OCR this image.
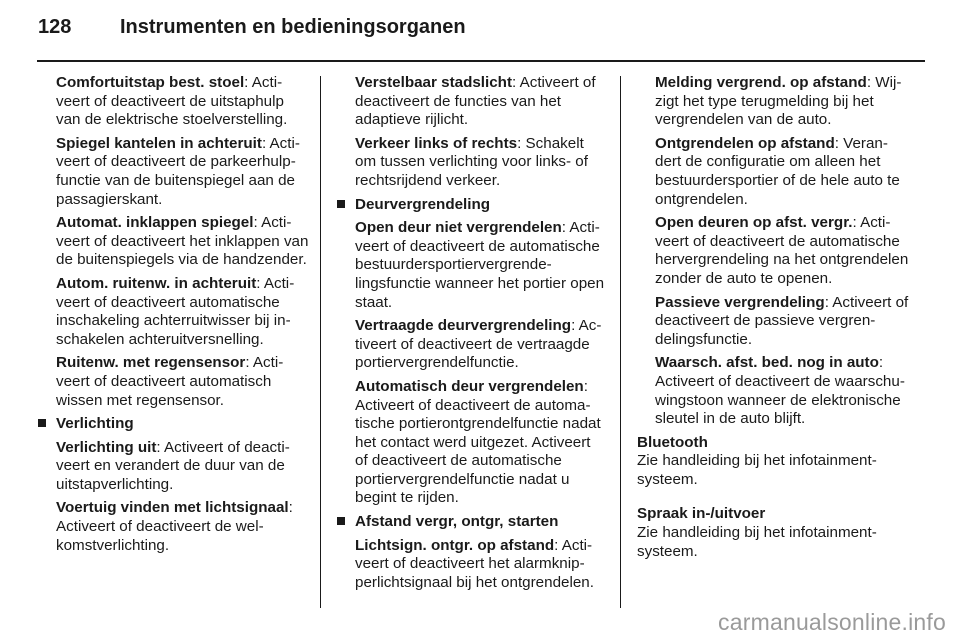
128 Instrumenten en bedieningsorganen

Comfortuitstap best. stoel: Activeert of deactiveert de uitstaphulp van de elektrische stoelverstelling.

Spiegel kantelen in achteruit: Activeert of deactiveert de parkeerhulpfunctie van de buitenspiegel aan de passagierskant.

Automat. inklappen spiegel: Activeert of deactiveert het inklappen van de buitenspiegels via de handzender.

Autom. ruitenw. in achteruit: Activeert of deactiveert automatische inschakeling achterruitwisser bij inschakelen achteruitversnelling.

Ruitenw. met regensensor: Activeert of deactiveert automatisch wissen met regensensor.

Verlichting

Verlichting uit: Activeert of deactiveert en verandert de duur van de uitstapverlichting.

Voertuig vinden met lichtsignaal: Activeert of deactiveert de welkomstverlichting.

Verstelbaar stadslicht: Activeert of deactiveert de functies van het adaptieve rijlicht.

Verkeer links of rechts: Schakelt om tussen verlichting voor links- of rechtsrijdend verkeer.

Deurvergrendeling

Open deur niet vergrendelen: Activeert of deactiveert de automatische bestuurdersportiervergrendelingsfunctie wanneer het portier open staat.

Vertraagde deurvergrendeling: Activeert of deactiveert de vertraagde portiervergrendelfunctie.

Automatisch deur vergrendelen: Activeert of deactiveert de automatische portierontgrendelfunctie nadat het contact werd uitgezet. Activeert of deactiveert de automatische portiervergrendelfunctie nadat u begint te rijden.

Afstand vergr, ontgr, starten

Lichtsign. ontgr. op afstand: Activeert of deactiveert het alarmknipperlichtsignaal bij het ontgrendelen.

Melding vergrend. op afstand: Wijzigt het type terugmelding bij het vergrendelen van de auto.

Ontgrendelen op afstand: Verandert de configuratie om alleen het bestuurdersportier of de hele auto te ontgrendelen.

Open deuren op afst. vergr.: Activeert of deactiveert de automatische hervergrendeling na het ontgrendelen zonder de auto te openen.

Passieve vergrendeling: Activeert of deactiveert de passieve vergrendelingsfunctie.

Waarsch. afst. bed. nog in auto: Activeert of deactiveert de waarschuwingstoon wanneer de elektronische sleutel in de auto blijft.

Bluetooth
Zie handleiding bij het infotainmentsysteem.
Spraak in-/uitvoer
Zie handleiding bij het infotainmentsysteem.
carmanualsonline.info
